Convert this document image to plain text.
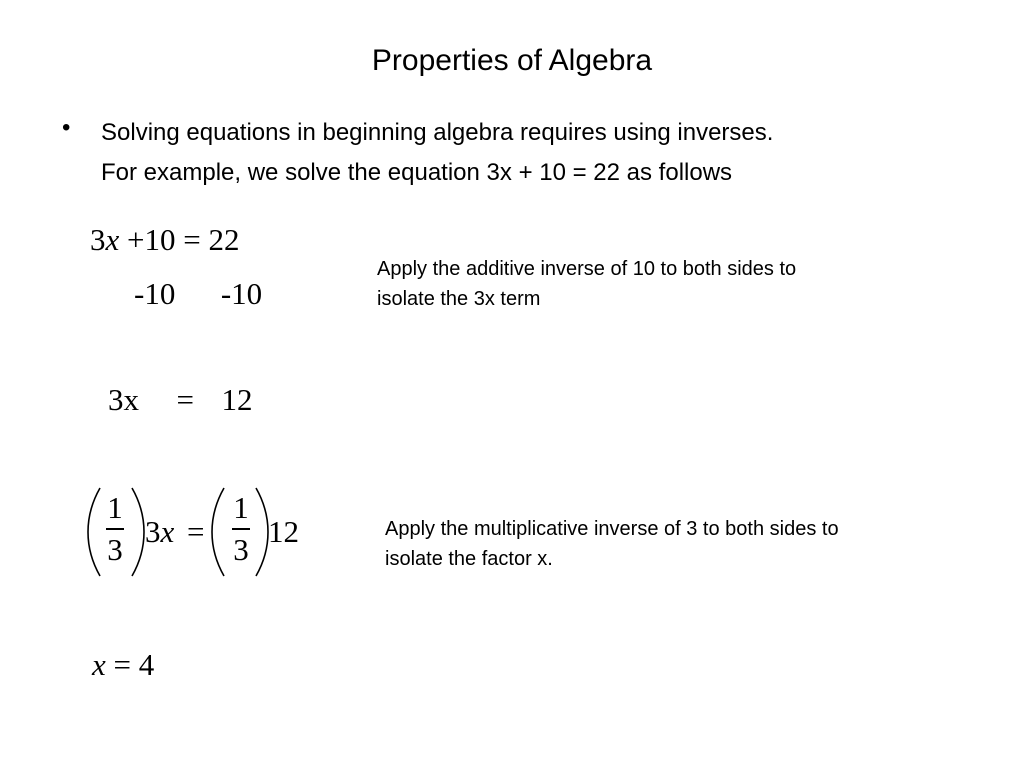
Properties of Algebra
• Solving equations in beginning algebra requires using inverses.
For example, we solve the equation 3x + 10 = 22 as follows
3x +10 = 22
-10 -10
Apply the additive inverse of 10 to both sides to isolate the 3x term
3x = 12
1
3
3x =
1
3
12	Apply the multiplicative inverse of 3 to both sides to isolate the factor x.
x = 4
